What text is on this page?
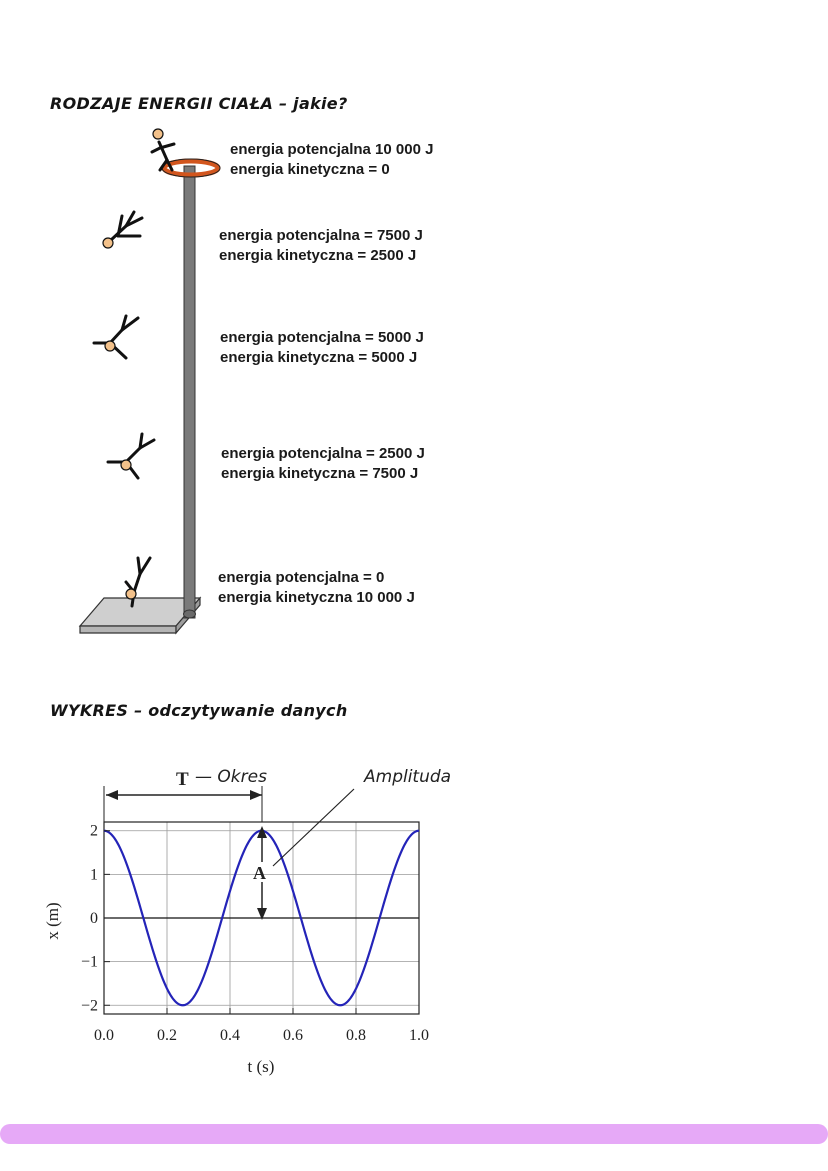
RODZAJE ENERGII CIAŁA – jakie?
energia potencjalna 10 000 J
energia kinetyczna = 0
energia potencjalna = 7500 J
energia kinetyczna = 2500 J
energia potencjalna = 5000 J
energia kinetyczna = 5000 J
energia potencjalna = 2500 J
energia kinetyczna = 7500 J
energia potencjalna = 0
energia kinetyczna 10 000 J
WYKRES – odczytywanie danych
0.0	0.2	0.4	0.6	0.8	1.0
2
1
0
−1
−2
T — Okres
A
Amplituda
t (s)
x (m)
